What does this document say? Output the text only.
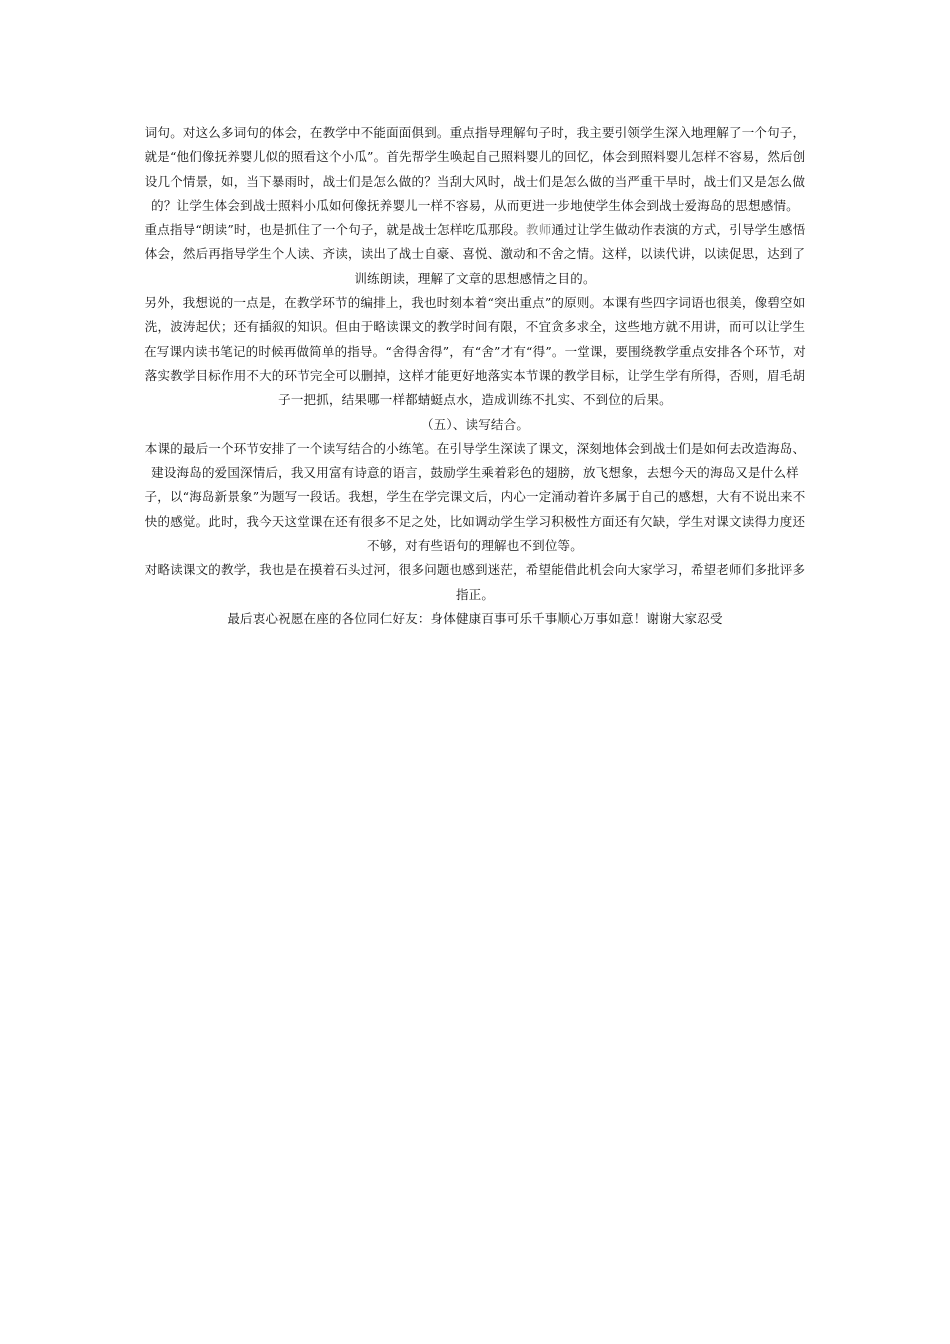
词句。对这么多词句的体会，在教学中不能面面俱到。重点指导理解句子时，我主要引领学生深入地理解了一个句子，就是“他们像抚养婴儿似的照看这个小瓜”。首先帮学生唤起自己照料婴儿的回忆，体会到照料婴儿怎样不容易，然后创设几个情景，如，当下暴雨时，战士们是怎么做的？当刮大风时，战士们是怎么做的当严重干旱时，战士们又是怎么做的？让学生体会到战士照料小瓜如何像抚养婴儿一样不容易，从而更进一步地使学生体会到战士爱海岛的思想感情。

重点指导“朗读”时，也是抓住了一个句子，就是战士怎样吃瓜那段。教师通过让学生做动作表演的方式，引导学生感悟体会，然后再指导学生个人读、齐读，读出了战士自豪、喜悦、激动和不舍之情。这样，以读代讲，以读促思，达到了训练朗读，理解了文章的思想感情之目的。

另外，我想说的一点是，在教学环节的编排上，我也时刻本着“突出重点”的原则。本课有些四字词语也很美，像碧空如洗，波涛起伏；还有插叙的知识。但由于略读课文的教学时间有限，不宜贪多求全，这些地方就不用讲，而可以让学生在写课内读书笔记的时候再做简单的指导。“舍得舍得”，有“舍”才有“得”。一堂课，要围绕教学重点安排各个环节，对落实教学目标作用不大的环节完全可以删掉，这样才能更好地落实本节课的教学目标，让学生学有所得，否则，眉毛胡子一把抓，结果哪一样都蜻蜓点水，造成训练不扎实、不到位的后果。

（五）、读写结合。

本课的最后一个环节安排了一个读写结合的小练笔。在引导学生深读了课文，深刻地体会到战士们是如何去改造海岛、建设海岛的爱国深情后，我又用富有诗意的语言，鼓励学生乘着彩色的翅膀，放飞想象，去想今天的海岛又是什么样子，以“海岛新景象”为题写一段话。我想，学生在学完课文后，内心一定涌动着许多属于自己的感想，大有不说出来不快的感觉。此时，我今天这堂课在还有很多不足之处，比如调动学生学习积极性方面还有欠缺，学生对课文读得力度还不够，对有些语句的理解也不到位等。

对略读课文的教学，我也是在摸着石头过河，很多问题也感到迷茫，希望能借此机会向大家学习，希望老师们多批评多指正。

最后衷心祝愿在座的各位同仁好友：身体健康百事可乐千事顺心万事如意！谢谢大家忍受
